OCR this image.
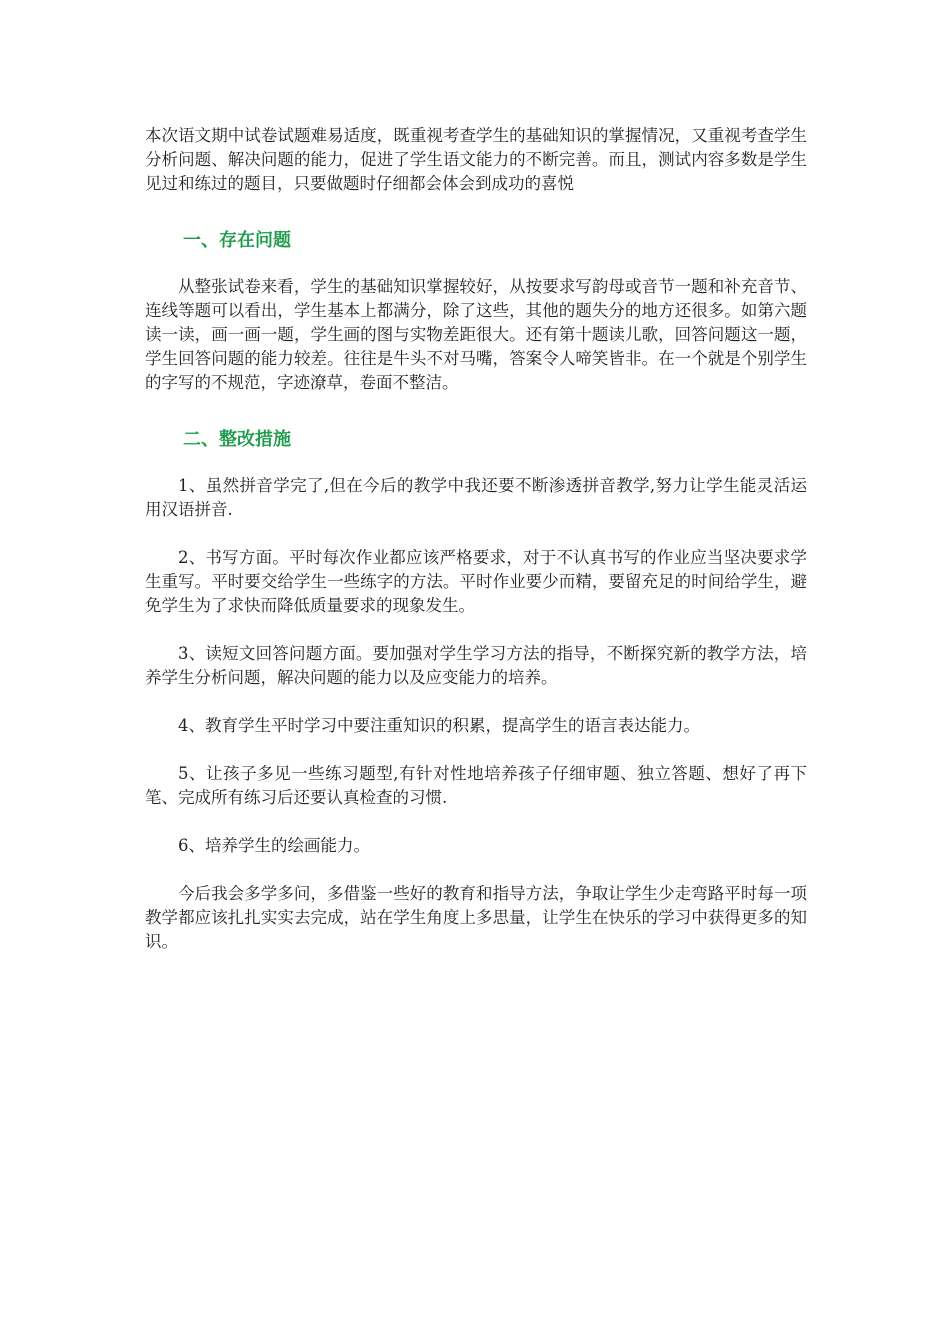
本次语文期中试卷试题难易适度，既重视考查学生的基础知识的掌握情况，又重视考查学生分析问题、解决问题的能力，促进了学生语文能力的不断完善。而且，测试内容多数是学生见过和练过的题目，只要做题时仔细都会体会到成功的喜悦

一、存在问题

从整张试卷来看，学生的基础知识掌握较好，从按要求写韵母或音节一题和补充音节、连线等题可以看出，学生基本上都满分，除了这些，其他的题失分的地方还很多。如第六题读一读，画一画一题，学生画的图与实物差距很大。还有第十题读儿歌，回答问题这一题，学生回答问题的能力较差。往往是牛头不对马嘴，答案令人啼笑皆非。在一个就是个别学生的字写的不规范，字迹潦草，卷面不整洁。

二、整改措施

1、虽然拼音学完了,但在今后的教学中我还要不断渗透拼音教学,努力让学生能灵活运用汉语拼音.

2、书写方面。平时每次作业都应该严格要求，对于不认真书写的作业应当坚决要求学生重写。平时要交给学生一些练字的方法。平时作业要少而精，要留充足的时间给学生，避免学生为了求快而降低质量要求的现象发生。

3、读短文回答问题方面。要加强对学生学习方法的指导，不断探究新的教学方法，培养学生分析问题，解决问题的能力以及应变能力的培养。

4、教育学生平时学习中要注重知识的积累，提高学生的语言表达能力。

5、让孩子多见一些练习题型,有针对性地培养孩子仔细审题、独立答题、想好了再下笔、完成所有练习后还要认真检查的习惯.

6、培养学生的绘画能力。

今后我会多学多问，多借鉴一些好的教育和指导方法，争取让学生少走弯路平时每一项教学都应该扎扎实实去完成，站在学生角度上多思量，让学生在快乐的学习中获得更多的知识。
